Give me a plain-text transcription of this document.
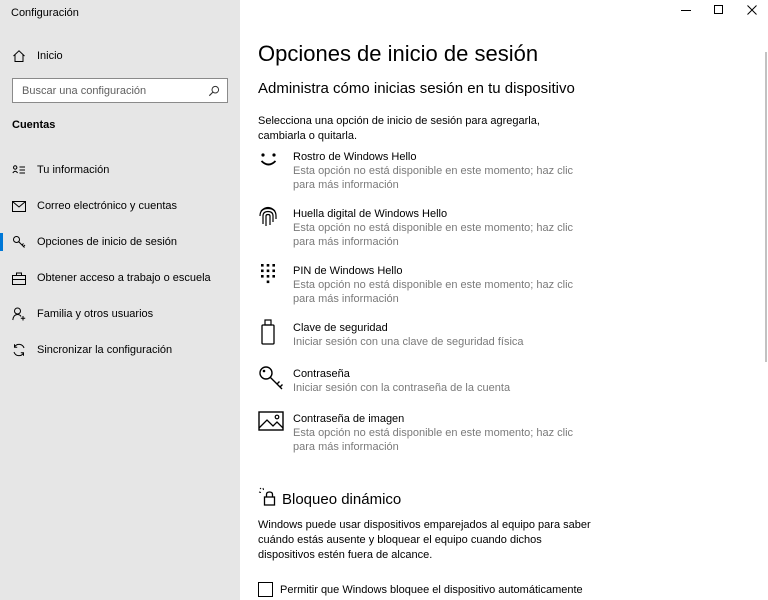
Configuración
Inicio
Buscar una configuración
Cuentas
Tu información
Correo electrónico y cuentas
Opciones de inicio de sesión
Obtener acceso a trabajo o escuela
Familia y otros usuarios
Sincronizar la configuración
Opciones de inicio de sesión
Administra cómo inicias sesión en tu dispositivo
Selecciona una opción de inicio de sesión para agregarla, cambiarla o quitarla.
Rostro de Windows Hello
Esta opción no está disponible en este momento; haz clic para más información
Huella digital de Windows Hello
Esta opción no está disponible en este momento; haz clic para más información
PIN de Windows Hello
Esta opción no está disponible en este momento; haz clic para más información
Clave de seguridad
Iniciar sesión con una clave de seguridad física
Contraseña
Iniciar sesión con la contraseña de la cuenta
Contraseña de imagen
Esta opción no está disponible en este momento; haz clic para más información
Bloqueo dinámico
Windows puede usar dispositivos emparejados al equipo para saber cuándo estás ausente y bloquear el equipo cuando dichos dispositivos estén fuera de alcance.
Permitir que Windows bloquee el dispositivo automáticamente
